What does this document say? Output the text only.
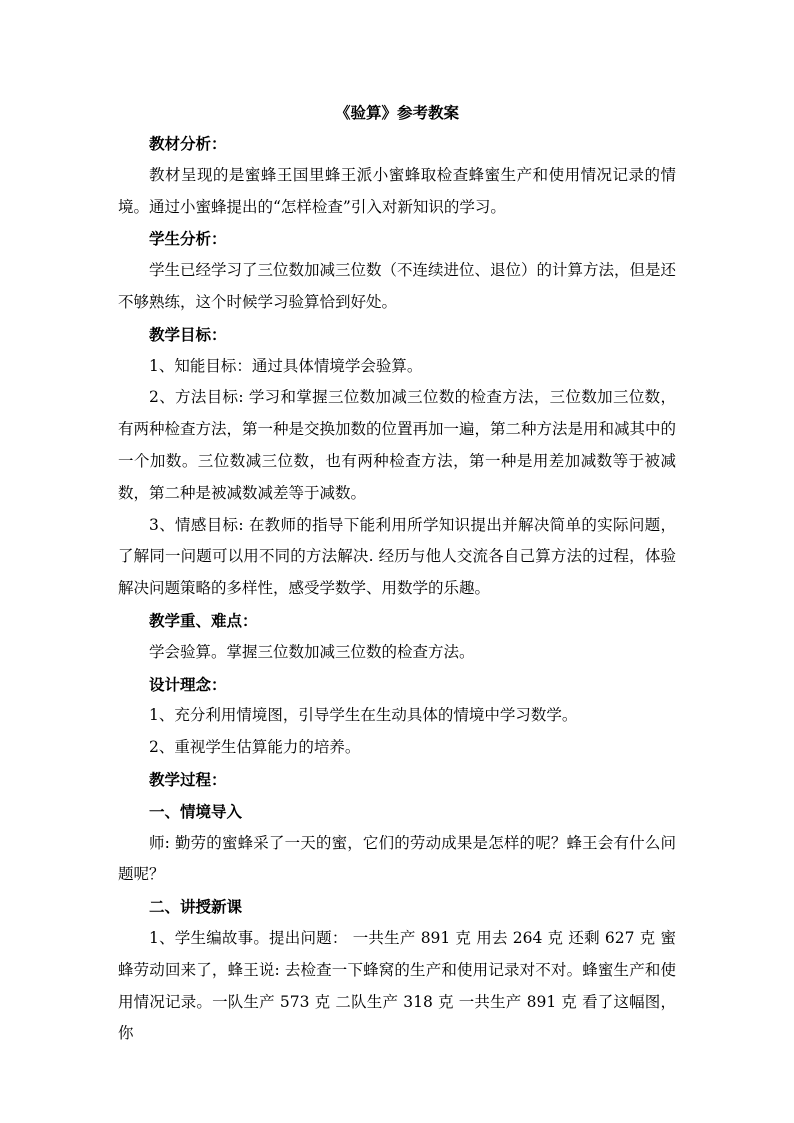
《验算》参考教案

教材分析：

教材呈现的是蜜蜂王国里蜂王派小蜜蜂取检查蜂蜜生产和使用情况记录的情境。通过小蜜蜂提出的“怎样检查”引入对新知识的学习。

学生分析：

学生已经学习了三位数加减三位数（不连续进位、退位）的计算方法，但是还不够熟练，这个时候学习验算恰到好处。

教学目标：

1、知能目标：通过具体情境学会验算。

2、方法目标: 学习和掌握三位数加减三位数的检查方法，三位数加三位数，有两种检查方法，第一种是交换加数的位置再加一遍，第二种方法是用和减其中的一个加数。三位数减三位数，也有两种检查方法，第一种是用差加减数等于被减数，第二种是被减数减差等于减数。

3、情感目标: 在教师的指导下能利用所学知识提出并解决简单的实际问题，了解同一问题可以用不同的方法解决. 经历与他人交流各自己算方法的过程，体验解决问题策略的多样性，感受学数学、用数学的乐趣。

教学重、难点：

学会验算。掌握三位数加减三位数的检查方法。

设计理念：

1、充分利用情境图，引导学生在生动具体的情境中学习数学。

2、重视学生估算能力的培养。

教学过程：

一、情境导入

师: 勤劳的蜜蜂采了一天的蜜，它们的劳动成果是怎样的呢？蜂王会有什么问题呢？

二、讲授新课

1、学生编故事。提出问题： 一共生产 891 克 用去 264 克 还剩 627 克 蜜蜂劳动回来了，蜂王说: 去检查一下蜂窝的生产和使用记录对不对。蜂蜜生产和使用情况记录。一队生产 573 克 二队生产 318 克 一共生产 891 克 看了这幅图，你
